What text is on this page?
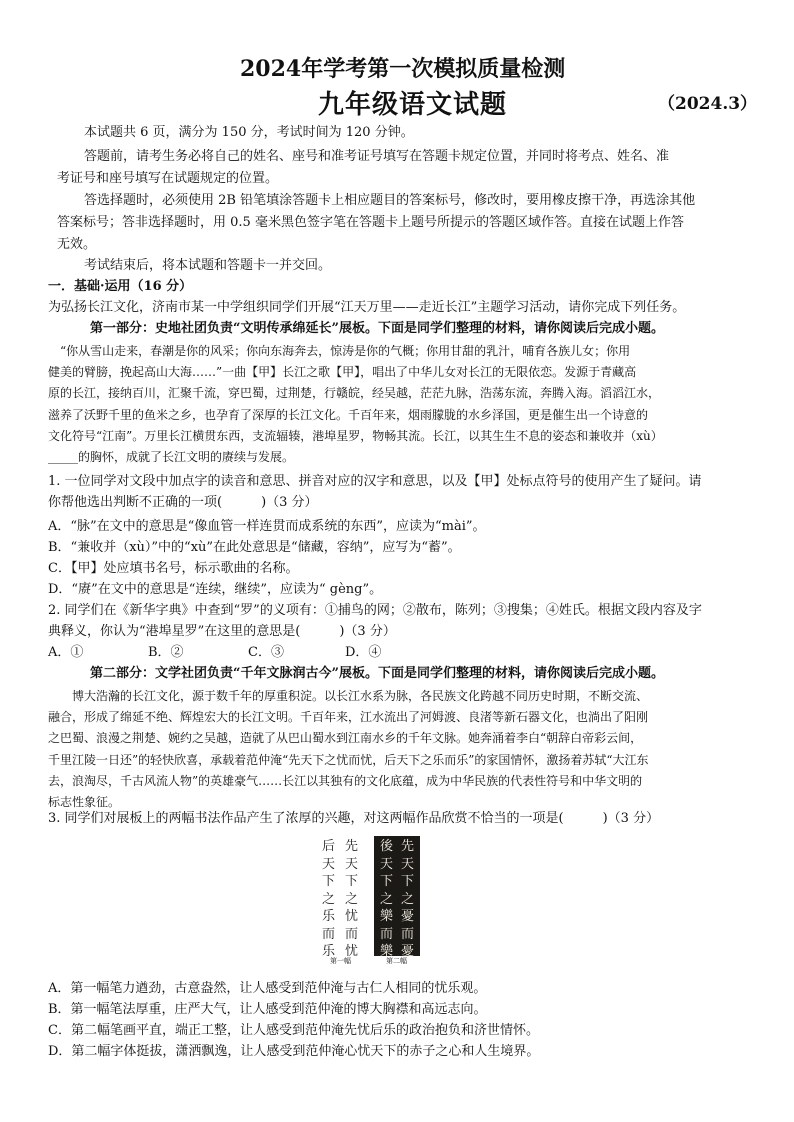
2024年学考第一次模拟质量检测
九年级语文试题	（2024.3）
本试题共 6 页，满分为 150 分，考试时间为 120 分钟。
答题前，请考生务必将自己的姓名、座号和准考证号填写在答题卡规定位置，并同时将考点、姓名、准
考证号和座号填写在试题规定的位置。
答选择题时，必须使用 2B 铅笔填涂答题卡上相应题目的答案标号，修改时，要用橡皮擦干净，再选涂其他
答案标号；答非选择题时，用 0.5 毫米黑色签字笔在答题卡上题号所提示的答题区域作答。直接在试题上作答
无效。
考试结束后，将本试题和答题卡一并交回。
一．基础·运用（16 分）
为弘扬长江文化，济南市某一中学组织同学们开展“江天万里——走近长江”主题学习活动，请你完成下列任务。
第一部分：史地社团负责“文明传承绵延长”展板。下面是同学们整理的材料，请你阅读后完成小题。
“你从雪山走来，春潮是你的风采；你向东海奔去，惊涛是你的气概；你用甘甜的乳汁，哺育各族儿女；你用
健美的臂膀，挽起高山大海……”一曲【甲】长江之歌【甲】，唱出了中华儿女对长江的无限依恋。发源于青藏高
原的长江，接纳百川，汇聚千流，穿巴蜀，过荆楚，行赣皖，经吴越，茫茫九脉，浩荡东流，奔腾入海。滔滔江水，
滋养了沃野千里的鱼米之乡，也孕育了深厚的长江文化。千百年来，烟雨朦胧的水乡泽国，更是催生出一个诗意的
文化符号“江南”。万里长江横贯东西，支流辐辏，港埠星罗，物畅其流。长江，以其生生不息的姿态和兼收并（xù）
_____的胸怀，成就了长江文明的赓续与发展。
1. 一位同学对文段中加点字的读音和意思、拼音对应的汉字和意思，以及【甲】处标点符号的使用产生了疑问。请
你帮他选出判断不正确的一项(　　　)（3 分）
A．“脉”在文中的意思是“像血管一样连贯而成系统的东西”，应读为“mài”。
B．“兼收并（xù）”中的“xù”在此处意思是“储藏，容纳”，应写为“蓄”。
C．【甲】处应填书名号，标示歌曲的名称。
D．“赓”在文中的意思是“连续，继续”，应读为“ gèng”。
2. 同学们在《新华字典》中查到“罗”的义项有：①捕鸟的网；②散布，陈列；③搜集；④姓氏。根据文段内容及字
典释义，你认为“港埠星罗”在这里的意思是(　　　)（3 分）
A．①	B．②	C．③	D．④
第二部分：文学社团负责“千年文脉润古今”展板。下面是同学们整理的材料，请你阅读后完成小题。
博大浩瀚的长江文化，源于数千年的厚重积淀。以长江水系为脉，各民族文化跨越不同历史时期，不断交流、
融合，形成了绵延不绝、辉煌宏大的长江文明。千百年来，江水流出了河姆渡、良渚等新石器文化，也淌出了阳刚
之巴蜀、浪漫之荆楚、婉约之吴越，造就了从巴山蜀水到江南水乡的千年文脉。她奔涌着李白“朝辞白帝彩云间，
千里江陵一日还”的轻快欣喜，承载着范仲淹“先天下之忧而忧，后天下之乐而乐”的家国情怀，激扬着苏轼“大江东
去，浪淘尽，千古风流人物”的英雄豪气……长江以其独有的文化底蕴，成为中华民族的代表性符号和中华文明的
标志性象征。
3. 同学们对展板上的两幅书法作品产生了浓厚的兴趣，对这两幅作品欣赏不恰当的一项是(　　　)（3 分）
后天下之乐而乐
先天下之忧而忧
第一幅
後天下之樂而樂
先天下之憂而憂
第二幅
A．第一幅笔力遒劲，古意盎然，让人感受到范仲淹与古仁人相同的忧乐观。
B．第一幅笔法厚重，庄严大气，让人感受到范仲淹的博大胸襟和高远志向。
C．第二幅笔画平直，端正工整，让人感受到范仲淹先忧后乐的政治抱负和济世情怀。
D．第二幅字体挺拔，潇洒飘逸，让人感受到范仲淹心忧天下的赤子之心和人生境界。
